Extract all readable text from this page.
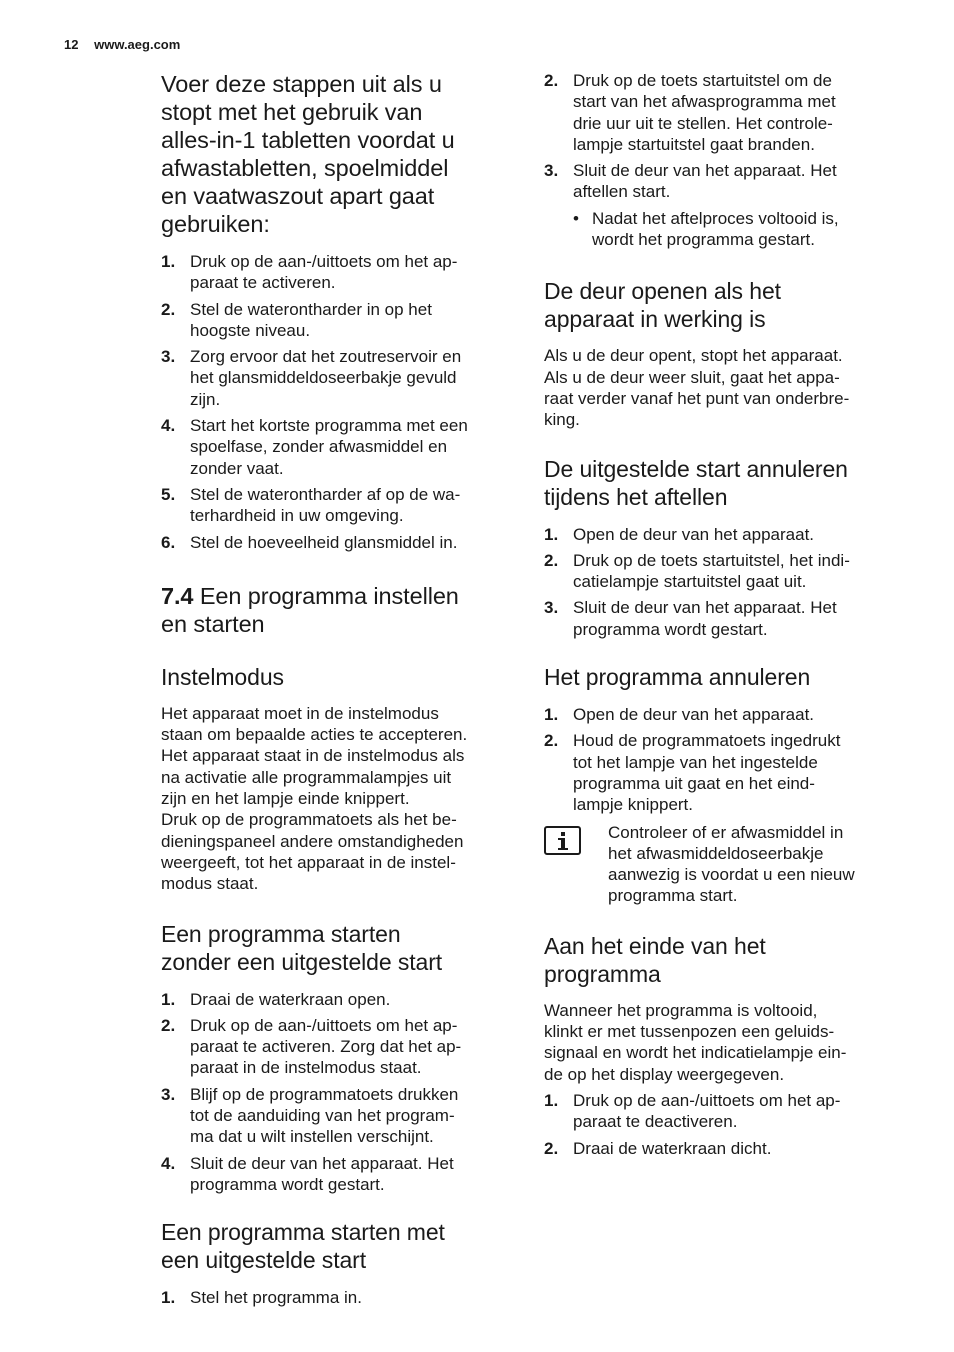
12 www.aeg.com
Voer deze stappen uit als u
stopt met het gebruik van
alles-in-1 tabletten voordat u
afwastabletten, spoelmiddel
en vaatwaszout apart gaat
gebruiken:
1. Druk op de aan-/uittoets om het ap-
paraat te activeren.
2. Stel de waterontharder in op het
hoogste niveau.
3. Zorg ervoor dat het zoutreservoir en
het glansmiddeldoseerbakje gevuld
zijn.
4. Start het kortste programma met een
spoelfase, zonder afwasmiddel en
zonder vaat.
5. Stel de waterontharder af op de wa-
terhardheid in uw omgeving.
6. Stel de hoeveelheid glansmiddel in.
7.4 Een programma instellen
en starten
Instelmodus

Het apparaat moet in de instelmodus
staan om bepaalde acties te accepteren.
Het apparaat staat in de instelmodus als
na activatie alle programmalampjes uit
zijn en het lampje einde knippert.
Druk op de programmatoets als het be-
dieningspaneel andere omstandigheden
weergeeft, tot het apparaat in de instel-
modus staat.

Een programma starten
zonder een uitgestelde start
1. Draai de waterkraan open.
2. Druk op de aan-/uittoets om het ap-
paraat te activeren. Zorg dat het ap-
paraat in de instelmodus staat.
3. Blijf op de programmatoets drukken
tot de aanduiding van het program-
ma dat u wilt instellen verschijnt.
4. Sluit de deur van het apparaat. Het
programma wordt gestart.
Een programma starten met
een uitgestelde start
1. Stel het programma in.
2. Druk op de toets startuitstel om de
start van het afwasprogramma met
drie uur uit te stellen. Het controle-
lampje startuitstel gaat branden.
3. Sluit de deur van het apparaat. Het
aftellen start.
• Nadat het aftelproces voltooid is,
wordt het programma gestart.
De deur openen als het
apparaat in werking is

Als u de deur opent, stopt het apparaat.
Als u de deur weer sluit, gaat het appa-
raat verder vanaf het punt van onderbre-
king.

De uitgestelde start annuleren
tijdens het aftellen
1. Open de deur van het apparaat.
2. Druk op de toets startuitstel, het indi-
catielampje startuitstel gaat uit.
3. Sluit de deur van het apparaat. Het
programma wordt gestart.
Het programma annuleren
1. Open de deur van het apparaat.
2. Houd de programmatoets ingedrukt
tot het lampje van het ingestelde
programma uit gaat en het eind-
lampje knippert.
Controleer of er afwasmiddel in
het afwasmiddeldoseerbakje
aanwezig is voordat u een nieuw
programma start.
Aan het einde van het
programma

Wanneer het programma is voltooid,
klinkt er met tussenpozen een geluids-
signaal en wordt het indicatielampje ein-
de op het display weergegeven.

1. Druk op de aan-/uittoets om het ap-
paraat te deactiveren.
2. Draai de waterkraan dicht.
